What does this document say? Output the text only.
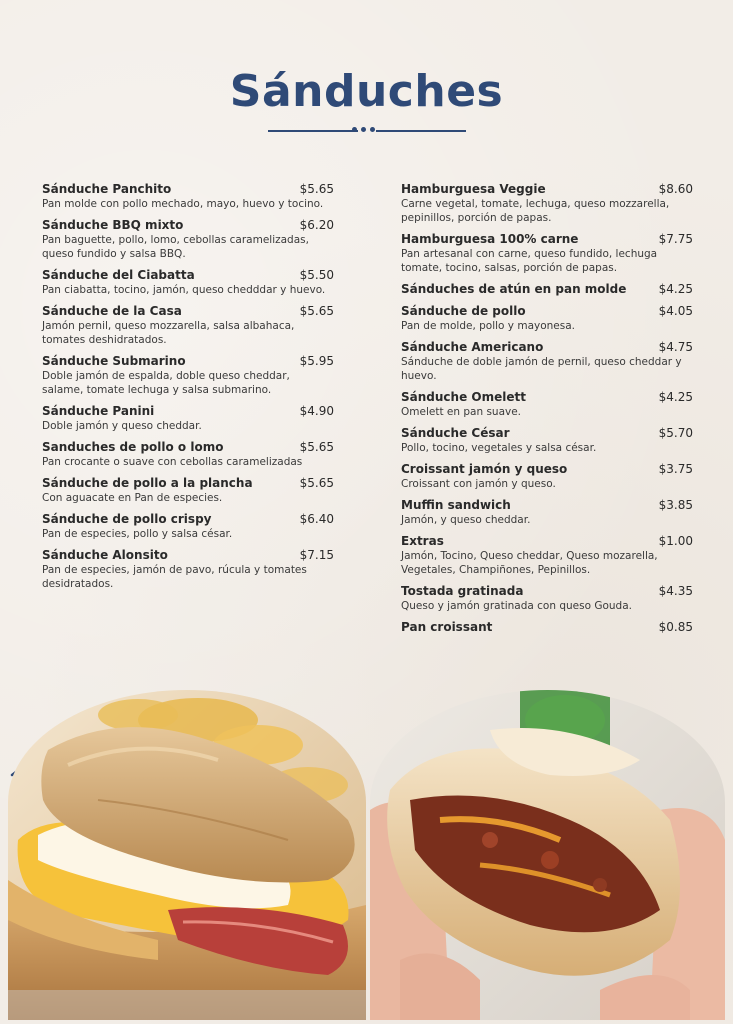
Sánduches
Sánduche Panchito	$5.65
Pan molde con pollo mechado, mayo, huevo y tocino.
Sánduche BBQ mixto	$6.20
Pan baguette, pollo, lomo, cebollas caramelizadas, queso fundido y salsa BBQ.
Sánduche del Ciabatta	$5.50
Pan ciabatta, tocino, jamón, queso chedddar y huevo.
Sánduche de la Casa	$5.65
Jamón pernil, queso mozzarella, salsa albahaca, tomates deshidratados.
Sánduche Submarino	$5.95
Doble jamón de espalda, doble queso cheddar, salame, tomate lechuga y salsa submarino.
Sánduche Panini	$4.90
Doble jamón y queso cheddar.
Sanduches de pollo o lomo	$5.65
Pan crocante o suave con cebollas caramelizadas
Sánduche de pollo a la plancha	$5.65
Con aguacate en Pan de especies.
Sánduche de pollo crispy	$6.40
Pan de especies, pollo y salsa césar.
Sánduche Alonsito	$7.15
Pan de especies, jamón de pavo, rúcula y tomates desidratados.
Hamburguesa Veggie	$8.60
Carne vegetal, tomate, lechuga, queso mozzarella, pepinillos, porción de papas.
Hamburguesa 100% carne	$7.75
Pan artesanal con carne, queso fundido, lechuga tomate, tocino, salsas, porción de papas.
Sánduches de atún en pan molde	$4.25
Sánduche de pollo	$4.05
Pan de molde, pollo y mayonesa.
Sánduche Americano	$4.75
Sánduche de doble jamón de pernil, queso cheddar y huevo.
Sánduche Omelett	$4.25
Omelett en pan suave.
Sánduche César	$5.70
Pollo, tocino, vegetales y salsa césar.
Croissant jamón y queso	$3.75
Croissant con jamón y queso.
Muffin sandwich	$3.85
Jamón, y queso cheddar.
Extras	$1.00
Jamón, Tocino, Queso cheddar, Queso mozarella, Vegetales, Champiñones, Pepinillos.
Tostada gratinada	$4.35
Queso y jamón gratinada con queso Gouda.
Pan croissant	$0.85
